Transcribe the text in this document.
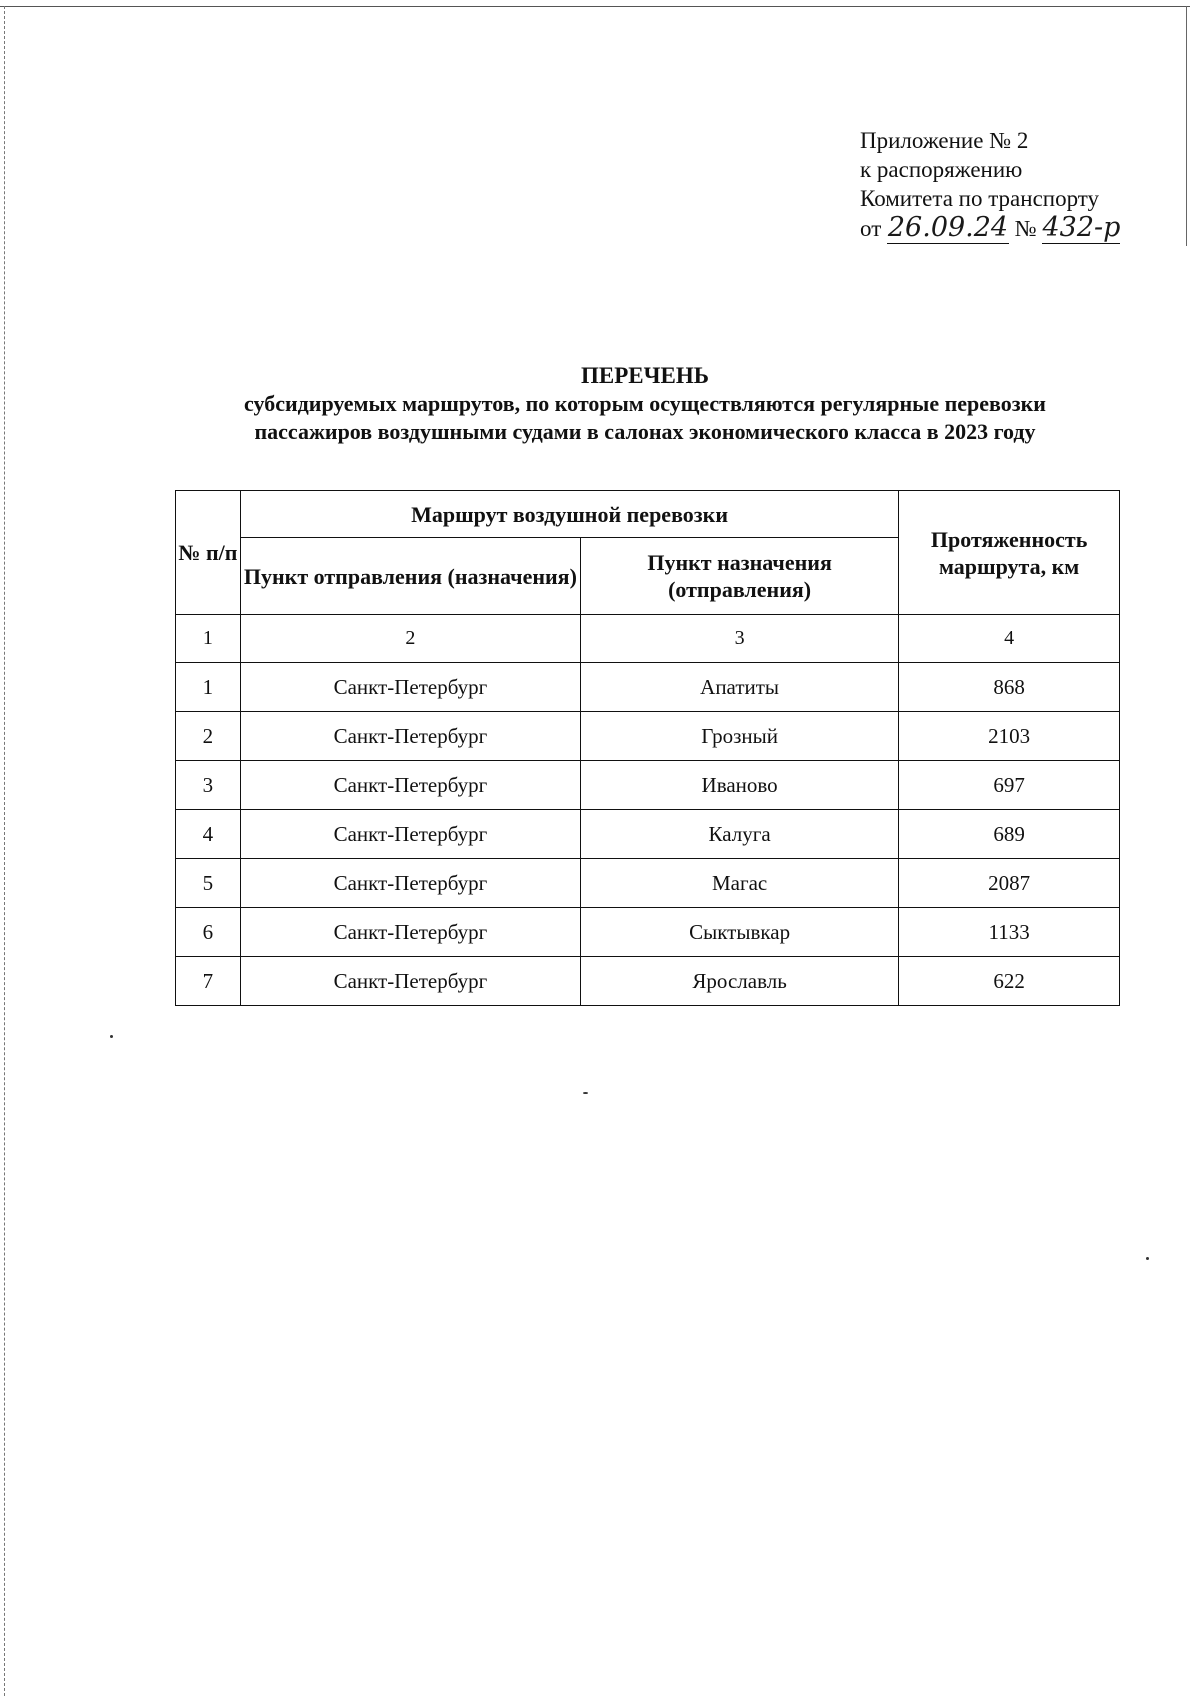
Приложение № 2
к распоряжению
Комитета по транспорту
от 26.09.24 № 432-р
ПЕРЕЧЕНЬ
субсидируемых маршрутов, по которым осуществляются регулярные перевозки
пассажиров воздушными судами в салонах экономического класса в 2023 году
№ п/п	Маршрут воздушной перевозки		Протяженность маршрута, км
	Пункт отправления (назначения)	Пункт назначения (отправления)	
1	2	3	4
1	Санкт-Петербург	Апатиты	868
2	Санкт-Петербург	Грозный	2103
3	Санкт-Петербург	Иваново	697
4	Санкт-Петербург	Калуга	689
5	Санкт-Петербург	Магас	2087
6	Санкт-Петербург	Сыктывкар	1133
7	Санкт-Петербург	Ярославль	622
